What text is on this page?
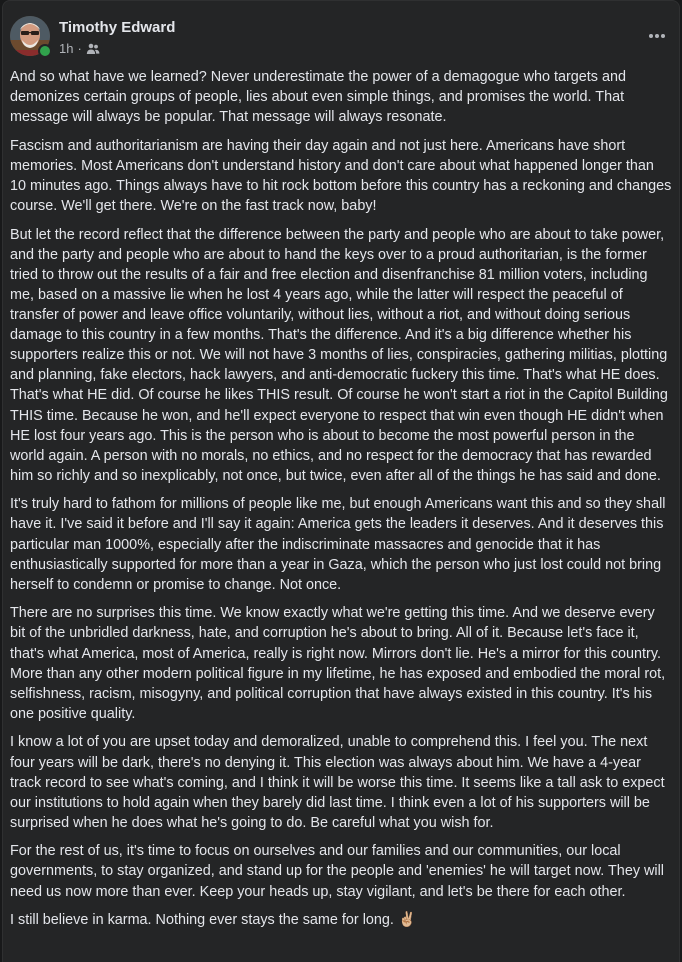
Timothy Edward
1h ·

And so what have we learned? Never underestimate the power of a demagogue who targets and demonizes certain groups of people, lies about even simple things, and promises the world. That message will always be popular. That message will always resonate.

Fascism and authoritarianism are having their day again and not just here. Americans have short memories. Most Americans don't understand history and don't care about what happened longer than 10 minutes ago. Things always have to hit rock bottom before this country has a reckoning and changes course. We'll get there. We're on the fast track now, baby!

But let the record reflect that the difference between the party and people who are about to take power, and the party and people who are about to hand the keys over to a proud authoritarian, is the former tried to throw out the results of a fair and free election and disenfranchise 81 million voters, including me, based on a massive lie when he lost 4 years ago, while the latter will respect the peaceful of transfer of power and leave office voluntarily, without lies, without a riot, and without doing serious damage to this country in a few months. That's the difference. And it's a big difference whether his supporters realize this or not. We will not have 3 months of lies, conspiracies, gathering militias, plotting and planning, fake electors, hack lawyers, and anti-democratic fuckery this time. That's what HE does. That's what HE did. Of course he likes THIS result. Of course he won't start a riot in the Capitol Building THIS time. Because he won, and he'll expect everyone to respect that win even though HE didn't when HE lost four years ago. This is the person who is about to become the most powerful person in the world again. A person with no morals, no ethics, and no respect for the democracy that has rewarded him so richly and so inexplicably, not once, but twice, even after all of the things he has said and done.

It's truly hard to fathom for millions of people like me, but enough Americans want this and so they shall have it. I've said it before and I'll say it again: America gets the leaders it deserves. And it deserves this particular man 1000%, especially after the indiscriminate massacres and genocide that it has enthusiastically supported for more than a year in Gaza, which the person who just lost could not bring herself to condemn or promise to change. Not once.

There are no surprises this time. We know exactly what we're getting this time. And we deserve every bit of the unbridled darkness, hate, and corruption he's about to bring. All of it. Because let's face it, that's what America, most of America, really is right now. Mirrors don't lie. He's a mirror for this country. More than any other modern political figure in my lifetime, he has exposed and embodied the moral rot, selfishness, racism, misogyny, and political corruption that have always existed in this country. It's his one positive quality.

I know a lot of you are upset today and demoralized, unable to comprehend this. I feel you. The next four years will be dark, there's no denying it. This election was always about him. We have a 4-year track record to see what's coming, and I think it will be worse this time. It seems like a tall ask to expect our institutions to hold again when they barely did last time. I think even a lot of his supporters will be surprised when he does what he's going to do. Be careful what you wish for.

For the rest of us, it's time to focus on ourselves and our families and our communities, our local governments, to stay organized, and stand up for the people and 'enemies' he will target now. They will need us now more than ever. Keep your heads up, stay vigilant, and let's be there for each other.

I still believe in karma. Nothing ever stays the same for long. ✌🏼
